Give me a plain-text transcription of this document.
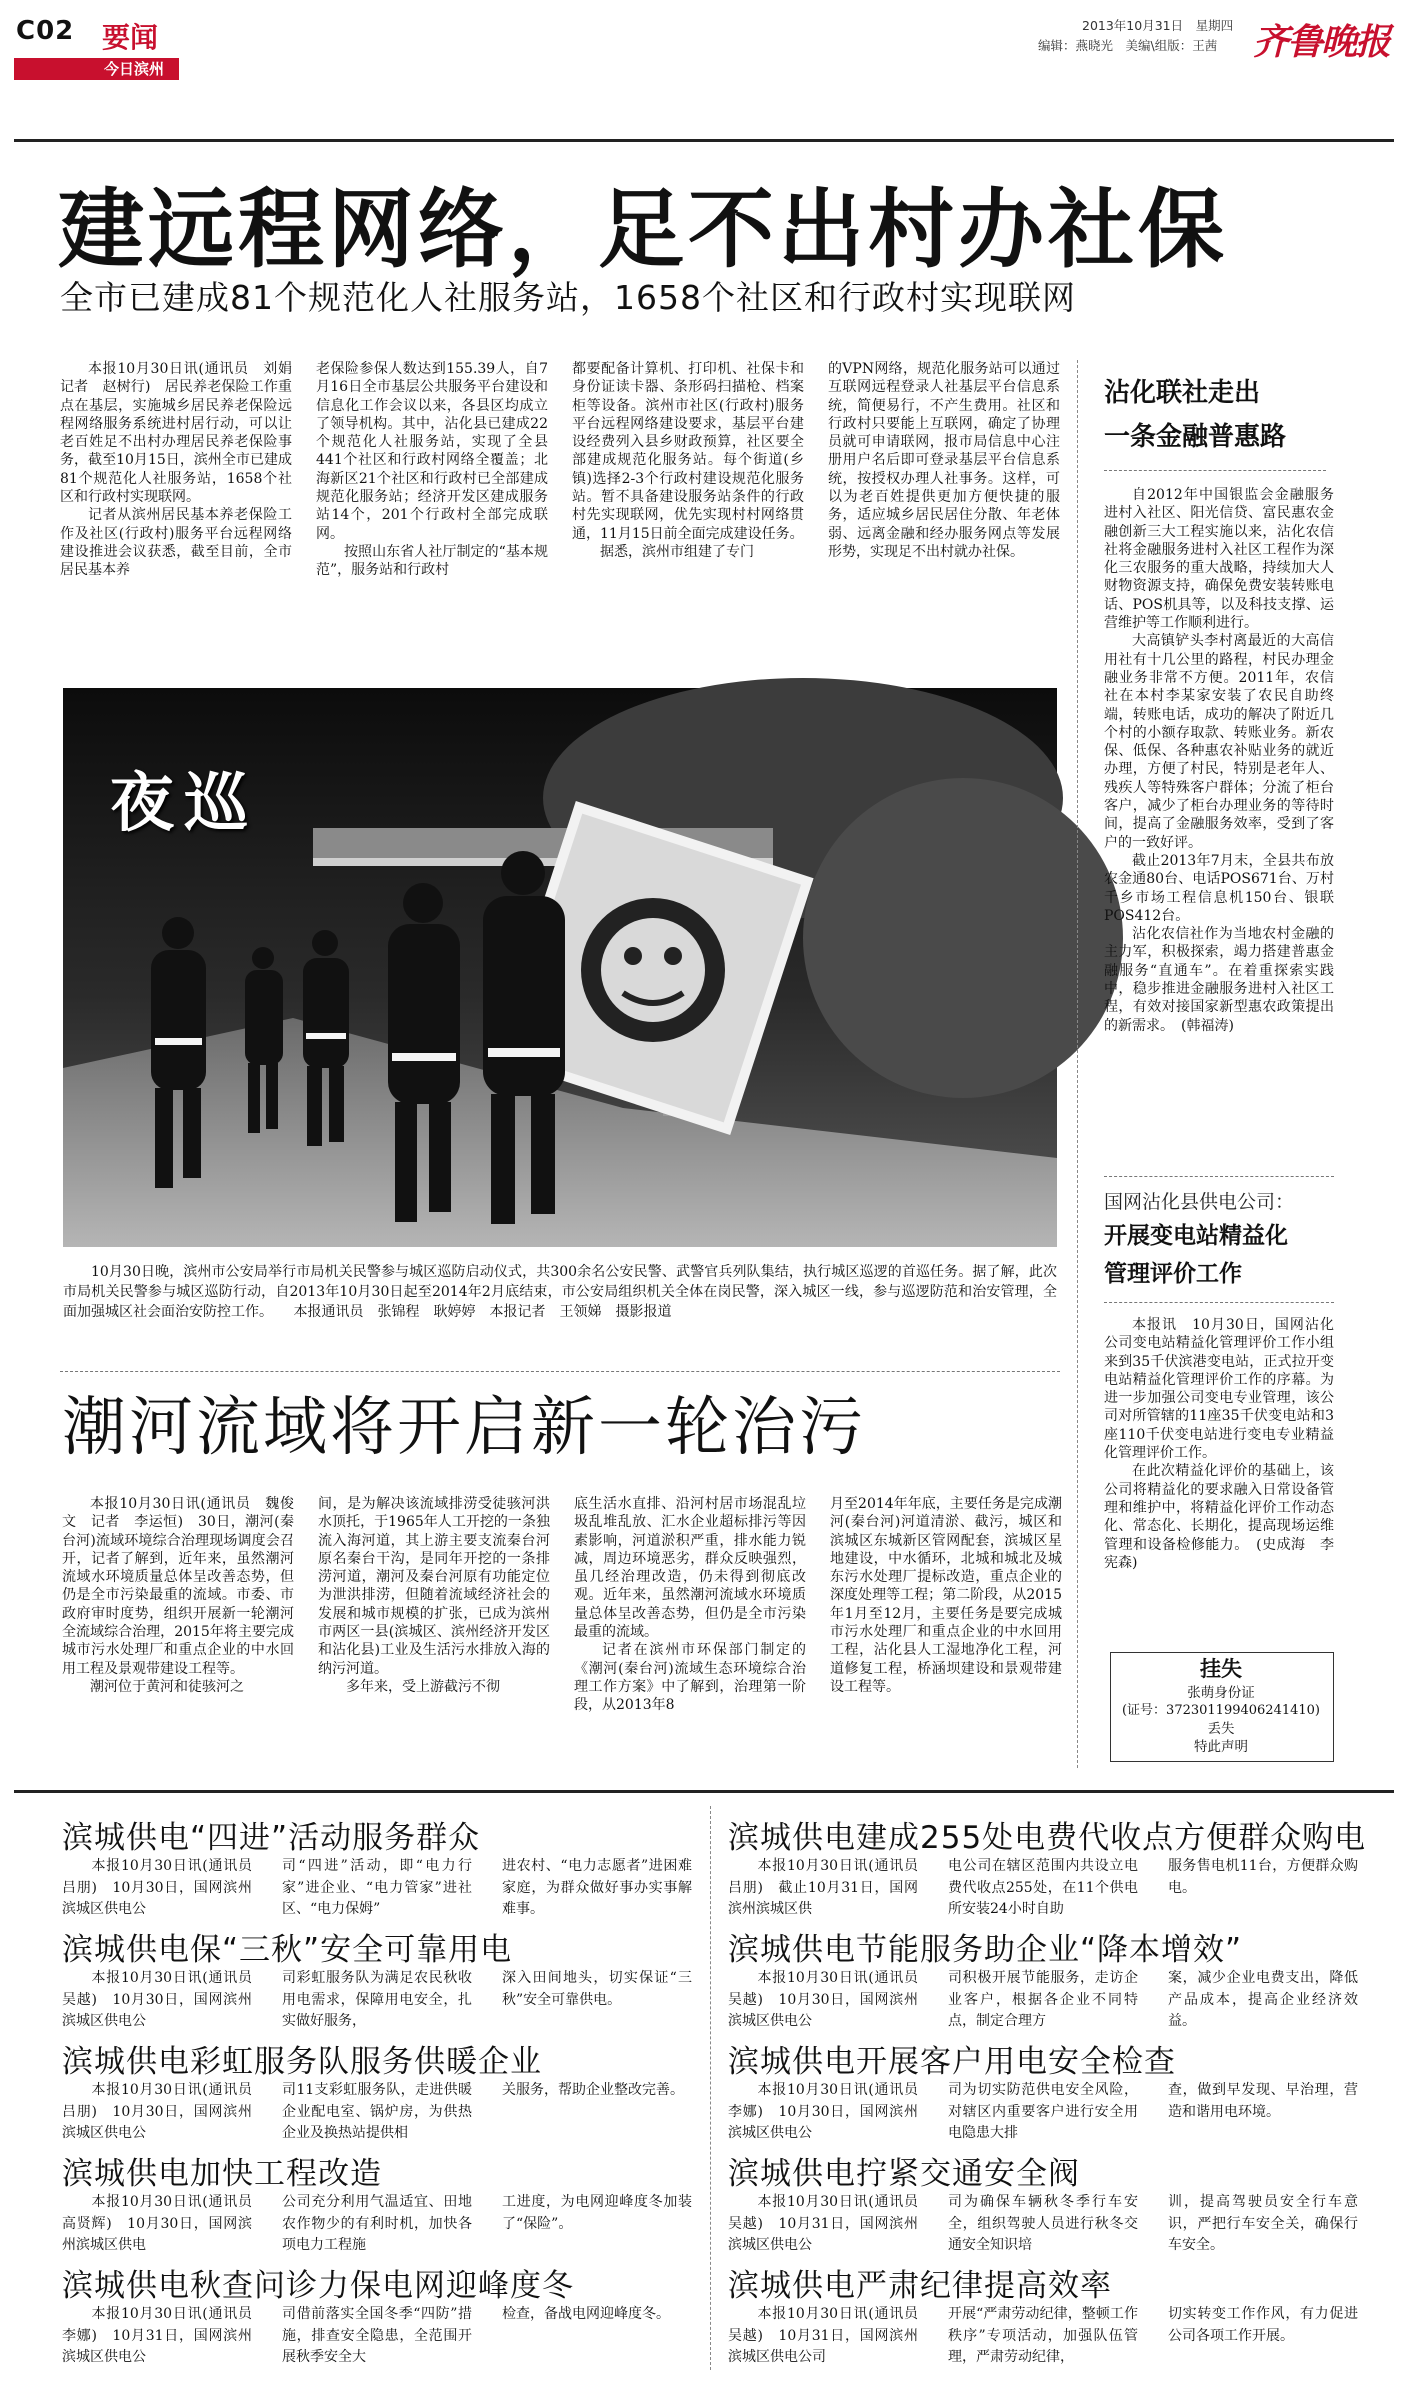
C02 要闻
今日滨州
2013年10月31日　星期四
编辑：燕晓光　美编\组版：王茜 齐鲁晚报
建远程网络，足不出村办社保
全市已建成81个规范化人社服务站，1658个社区和行政村实现联网

本报10月30日讯(通讯员　刘娟　记者　赵树行)　居民养老保险工作重点在基层，实施城乡居民养老保险远程网络服务系统进村居行动，可以让老百姓足不出村办理居民养老保险事务，截至10月15日，滨州全市已建成81个规范化人社服务站，1658个社区和行政村实现联网。

记者从滨州居民基本养老保险工作及社区(行政村)服务平台远程网络建设推进会议获悉，截至目前，全市居民基本养

老保险参保人数达到155.39人，自7月16日全市基层公共服务平台建设和信息化工作会议以来，各县区均成立了领导机构。其中，沾化县已建成22个规范化人社服务站，实现了全县441个社区和行政村网络全覆盖；北海新区21个社区和行政村已全部建成规范化服务站；经济开发区建成服务站14个，201个行政村全部完成联网。

按照山东省人社厅制定的“基本规范”，服务站和行政村

都要配备计算机、打印机、社保卡和身份证读卡器、条形码扫描枪、档案柜等设备。滨州市社区(行政村)服务平台远程网络建设要求，基层平台建设经费列入县乡财政预算，社区要全部建成规范化服务站。每个街道(乡镇)选择2-3个行政村建设规范化服务站。暂不具备建设服务站条件的行政村先实现联网，优先实现村村网络贯通，11月15日前全面完成建设任务。

据悉，滨州市组建了专门

的VPN网络，规范化服务站可以通过互联网远程登录人社基层平台信息系统，简便易行，不产生费用。社区和行政村只要能上互联网，确定了协理员就可申请联网，报市局信息中心注册用户名后即可登录基层平台信息系统，按授权办理人社事务。这样，可以为老百姓提供更加方便快捷的服务，适应城乡居民居住分散、年老体弱、远离金融和经办服务网点等发展形势，实现足不出村就办社保。

夜巡
10月30日晚，滨州市公安局举行市局机关民警参与城区巡防启动仪式，共300余名公安民警、武警官兵列队集结，执行城区巡逻的首巡任务。据了解，此次市局机关民警参与城区巡防行动，自2013年10月30日起至2014年2月底结束，市公安局组织机关全体在岗民警，深入城区一线，参与巡逻防范和治安管理，全面加强城区社会面治安防控工作。 本报通讯员　张锦程　耿婷婷　本报记者　王领娣　摄影报道
沾化联社走出
一条金融普惠路

自2012年中国银监会金融服务进村入社区、阳光信贷、富民惠农金融创新三大工程实施以来，沾化农信社将金融服务进村入社区工程作为深化三农服务的重大战略，持续加大人财物资源支持，确保免费安装转账电话、POS机具等，以及科技支撑、运营维护等工作顺利进行。

大高镇铲头李村离最近的大高信用社有十几公里的路程，村民办理金融业务非常不方便。2011年，农信社在本村李某家安装了农民自助终端，转账电话，成功的解决了附近几个村的小额存取款、转账业务。新农保、低保、各种惠农补贴业务的就近办理，方便了村民，特别是老年人、残疾人等特殊客户群体；分流了柜台客户，减少了柜台办理业务的等待时间，提高了金融服务效率，受到了客户的一致好评。

截止2013年7月末，全县共布放农金通80台、电话POS671台、万村千乡市场工程信息机150台、银联POS412台。

沾化农信社作为当地农村金融的主力军，积极探索，竭力搭建普惠金融服务“直通车”。在着重探索实践中，稳步推进金融服务进村入社区工程，有效对接国家新型惠农政策提出的新需求。　(韩福涛)

国网沾化县供电公司：
开展变电站精益化
管理评价工作

本报讯　10月30日，国网沾化公司变电站精益化管理评价工作小组来到35千伏滨港变电站，正式拉开变电站精益化管理评价工作的序幕。为进一步加强公司变电专业管理，该公司对所管辖的11座35千伏变电站和3座110千伏变电站进行变电专业精益化管理评价工作。

在此次精益化评价的基础上，该公司将精益化的要求融入日常设备管理和维护中，将精益化评价工作动态化、常态化、长期化，提高现场运维管理和设备检修能力。　(史成海　李宪森)

挂失
张萌身份证
(证号：372301199406241410)
丢失
特此声明
潮河流域将开启新一轮治污

本报10月30日讯(通讯员　魏俊文　记者　李运恒)　30日，潮河(秦台河)流域环境综合治理现场调度会召开，记者了解到，近年来，虽然潮河流域水环境质量总体呈改善态势，但仍是全市污染最重的流域。市委、市政府审时度势，组织开展新一轮潮河全流域综合治理，2015年将主要完成城市污水处理厂和重点企业的中水回用工程及景观带建设工程等。

潮河位于黄河和徒骇河之

间，是为解决该流域排涝受徒骇河洪水顶托，于1965年人工开挖的一条独流入海河道，其上游主要支流秦台河原名秦台干沟，是同年开挖的一条排涝河道，潮河及秦台河原有功能定位为泄洪排涝，但随着流域经济社会的发展和城市规模的扩张，已成为滨州市两区一县(滨城区、滨州经济开发区和沾化县)工业及生活污水排放入海的纳污河道。

多年来，受上游截污不彻

底生活水直排、沿河村居市场混乱垃圾乱堆乱放、汇水企业超标排污等因素影响，河道淤积严重，排水能力锐减，周边环境恶劣，群众反映强烈，虽几经治理改造，仍未得到彻底改观。近年来，虽然潮河流域水环境质量总体呈改善态势，但仍是全市污染最重的流域。

记者在滨州市环保部门制定的《潮河(秦台河)流域生态环境综合治理工作方案》中了解到，治理第一阶段，从2013年8

月至2014年年底，主要任务是完成潮河(秦台河)河道清淤、截污，城区和滨城区东城新区管网配套，滨城区星地建设，中水循环，北城和城北及城东污水处理厂提标改造，重点企业的深度处理等工程；第二阶段，从2015年1月至12月，主要任务是要完成城市污水处理厂和重点企业的中水回用工程，沾化县人工湿地净化工程，河道修复工程，桥涵坝建设和景观带建设工程等。

滨城供电“四进”活动服务群众

　　本报10月30日讯(通讯员　吕朋)　10月30日，国网滨州滨城区供电公

司“四进”活动，即“电力行家”进企业、“电力管家”进社区、“电力保姆”

进农村、“电力志愿者”进困难家庭，为群众做好事办实事解难事。

滨城供电保“三秋”安全可靠用电

　　本报10月30日讯(通讯员　吴越)　10月30日，国网滨州滨城区供电公

司彩虹服务队为满足农民秋收用电需求，保障用电安全，扎实做好服务，

深入田间地头，切实保证“三秋”安全可靠供电。

滨城供电彩虹服务队服务供暖企业

　　本报10月30日讯(通讯员　吕朋)　10月30日，国网滨州滨城区供电公

司11支彩虹服务队，走进供暖企业配电室、锅炉房，为供热企业及换热站提供相

关服务，帮助企业整改完善。

滨城供电加快工程改造

　　本报10月30日讯(通讯员　高贤辉)　10月30日，国网滨州滨城区供电

公司充分利用气温适宜、田地农作物少的有利时机，加快各项电力工程施

工进度，为电网迎峰度冬加装了“保险”。

滨城供电秋查问诊力保电网迎峰度冬

　　本报10月30日讯(通讯员　李娜)　10月31日，国网滨州滨城区供电公

司借前落实全国冬季“四防”措施，排查安全隐患，全范围开展秋季安全大

检查，备战电网迎峰度冬。

滨城供电建成255处电费代收点方便群众购电

　　本报10月30日讯(通讯员　吕朋)　截止10月31日，国网滨州滨城区供

电公司在辖区范围内共设立电费代收点255处，在11个供电所安装24小时自助

服务售电机11台，方便群众购电。

滨城供电节能服务助企业“降本增效”

　　本报10月30日讯(通讯员　吴越)　10月30日，国网滨州滨城区供电公

司积极开展节能服务，走访企业客户，根据各企业不同特点，制定合理方

案，减少企业电费支出，降低产品成本，提高企业经济效益。

滨城供电开展客户用电安全检查

　　本报10月30日讯(通讯员　李娜)　10月30日，国网滨州滨城区供电公

司为切实防范供电安全风险，对辖区内重要客户进行安全用电隐患大排

查，做到早发现、早治理，营造和谐用电环境。

滨城供电拧紧交通安全阀

　　本报10月30日讯(通讯员　吴越)　10月31日，国网滨州滨城区供电公

司为确保车辆秋冬季行车安全，组织驾驶人员进行秋冬交通安全知识培

训，提高驾驶员安全行车意识，严把行车安全关，确保行车安全。

滨城供电严肃纪律提高效率

　　本报10月30日讯(通讯员　吴越)　10月31日，国网滨州滨城区供电公司

开展“严肃劳动纪律，整顿工作秩序”专项活动，加强队伍管理，严肃劳动纪律，

切实转变工作作风，有力促进公司各项工作开展。
